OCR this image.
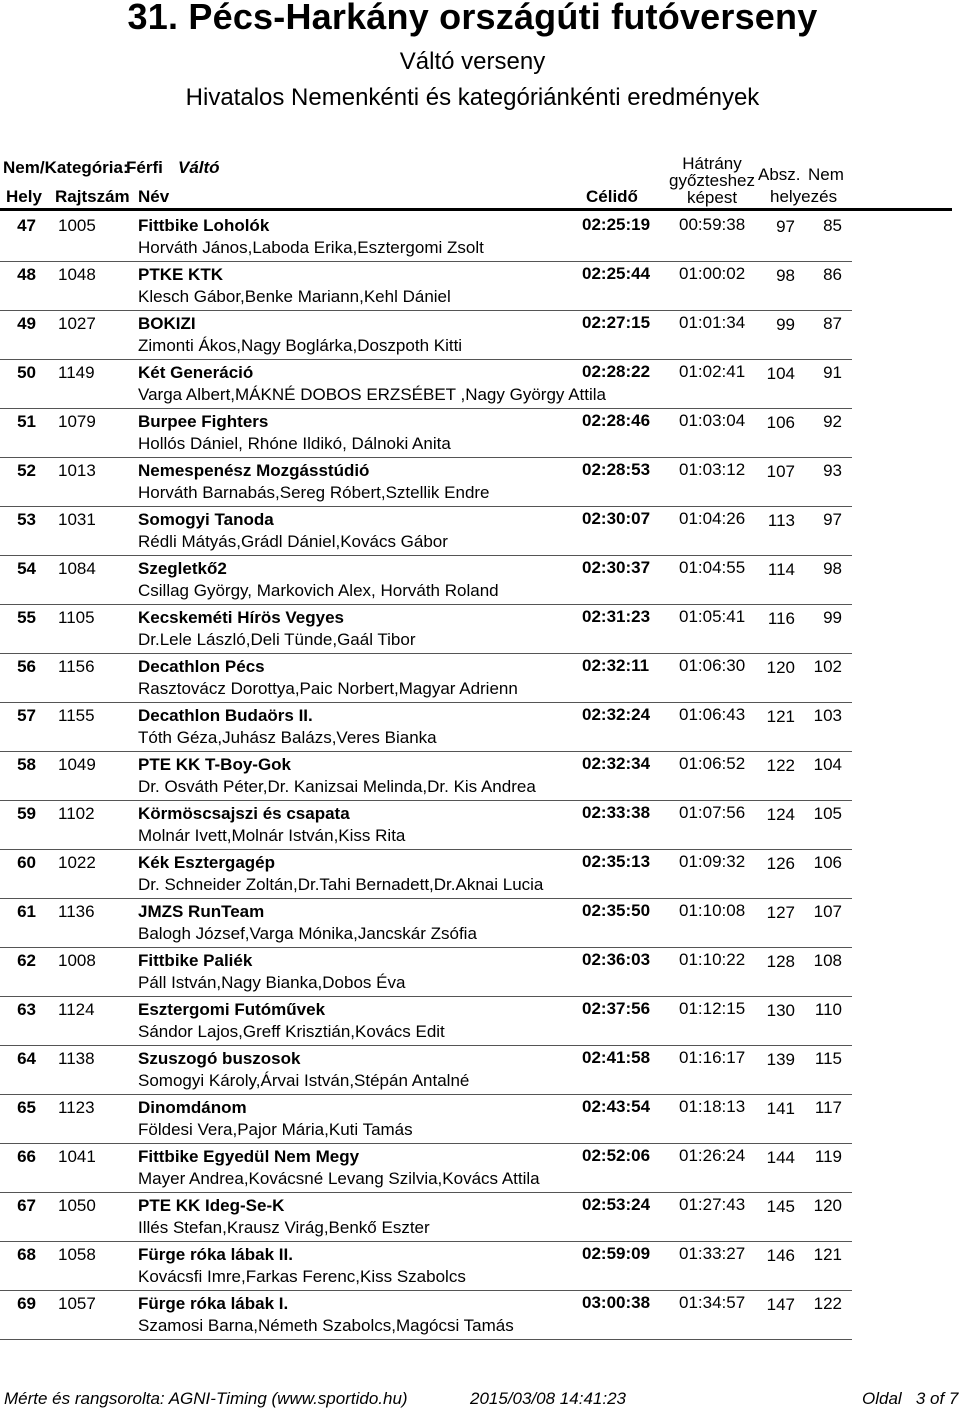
31. Pécs-Harkány országúti futóverseny
Váltó verseny
Hivatalos Nemenkénti és kategóriánkénti eredmények
Nem/Kategória:
Férfi Váltó
Hely Rajtszám Név	Célidő
Hátrány
győzteshez
képest
Absz. Nem
helyezés
47 1005 Fittbike Loholók
Horváth János,Laboda Erika,Esztergomi Zsolt
02:25:19 00:59:38	97	85
48 1048 PTKE KTK
Klesch Gábor,Benke Mariann,Kehl Dániel
02:25:44 01:00:02	98	86
49 1027 BOKIZI
Zimonti Ákos,Nagy Boglárka,Doszpoth Kitti
02:27:15 01:01:34	99	87
50 1149	Két Generáció
Varga Albert,MÁKNÉ DOBOS ERZSÉBET ,Nagy György Attila
02:28:22 01:02:41	104	91
51 1079 Burpee Fighters
Hollós Dániel, Rhóne Ildikó, Dálnoki Anita
02:28:46 01:03:04	106	92
52 1013 Nemespenész Mozgásstúdió
Horváth Barnabás,Sereg Róbert,Sztellik Endre
02:28:53 01:03:12	107	93
53 1031 Somogyi Tanoda
Rédli Mátyás,Grádl Dániel,Kovács Gábor
02:30:07 01:04:26	113	97
54 1084 Szegletkő2
Csillag György, Markovich Alex, Horváth Roland
02:30:37 01:04:55	114	98
55 1105	Kecskeméti Hírös Vegyes
Dr.Lele László,Deli Tünde,Gaál Tibor
02:31:23 01:05:41	116	99
56 1156	Decathlon Pécs
Rasztovácz Dorottya,Paic Norbert,Magyar Adrienn
02:32:11 01:06:30	120	102
57 1155	Decathlon Budaörs II.
Tóth Géza,Juhász Balázs,Veres Bianka
02:32:24 01:06:43	121	103
58 1049 PTE KK T-Boy-Gok
Dr. Osváth Péter,Dr. Kanizsai Melinda,Dr. Kis Andrea
02:32:34 01:06:52	122	104
59 1102	Körmöscsajszi és csapata
Molnár Ivett,Molnár István,Kiss Rita
02:33:38 01:07:56	124	105
60 1022 Kék Esztergagép
Dr. Schneider Zoltán,Dr.Tahi Bernadett,Dr.Aknai Lucia
02:35:13 01:09:32	126	106
61 1136	JMZS RunTeam
Balogh József,Varga Mónika,Jancskár Zsófia
02:35:50 01:10:08	127	107
62 1008 Fittbike Paliék
Páll István,Nagy Bianka,Dobos Éva
02:36:03 01:10:22	128	108
63 1124	Esztergomi Futóművek
Sándor Lajos,Greff Krisztián,Kovács Edit
02:37:56 01:12:15	130	110
64 1138	Szuszogó buszosok
Somogyi Károly,Árvai István,Stépán Antalné
02:41:58 01:16:17	139	115
65 1123	Dinomdánom
Földesi Vera,Pajor Mária,Kuti Tamás
02:43:54 01:18:13	141	117
66 1041 Fittbike Egyedül Nem Megy
Mayer Andrea,Kovácsné Levang Szilvia,Kovács Attila
02:52:06 01:26:24	144	119
67 1050 PTE KK Ideg-Se-K
Illés Stefan,Krausz Virág,Benkő Eszter
02:53:24 01:27:43	145	120
68 1058 Fürge róka lábak II.
Kovácsfi Imre,Farkas Ferenc,Kiss Szabolcs
02:59:09 01:33:27	146	121
69 1057 Fürge róka lábak I.
Szamosi Barna,Németh Szabolcs,Magócsi Tamás
03:00:38 01:34:57	147	122
Mérte és rangsorolta: AGNI-Timing (www.sportido.hu)	2015/03/08 14:41:23	Oldal   3 of 7
